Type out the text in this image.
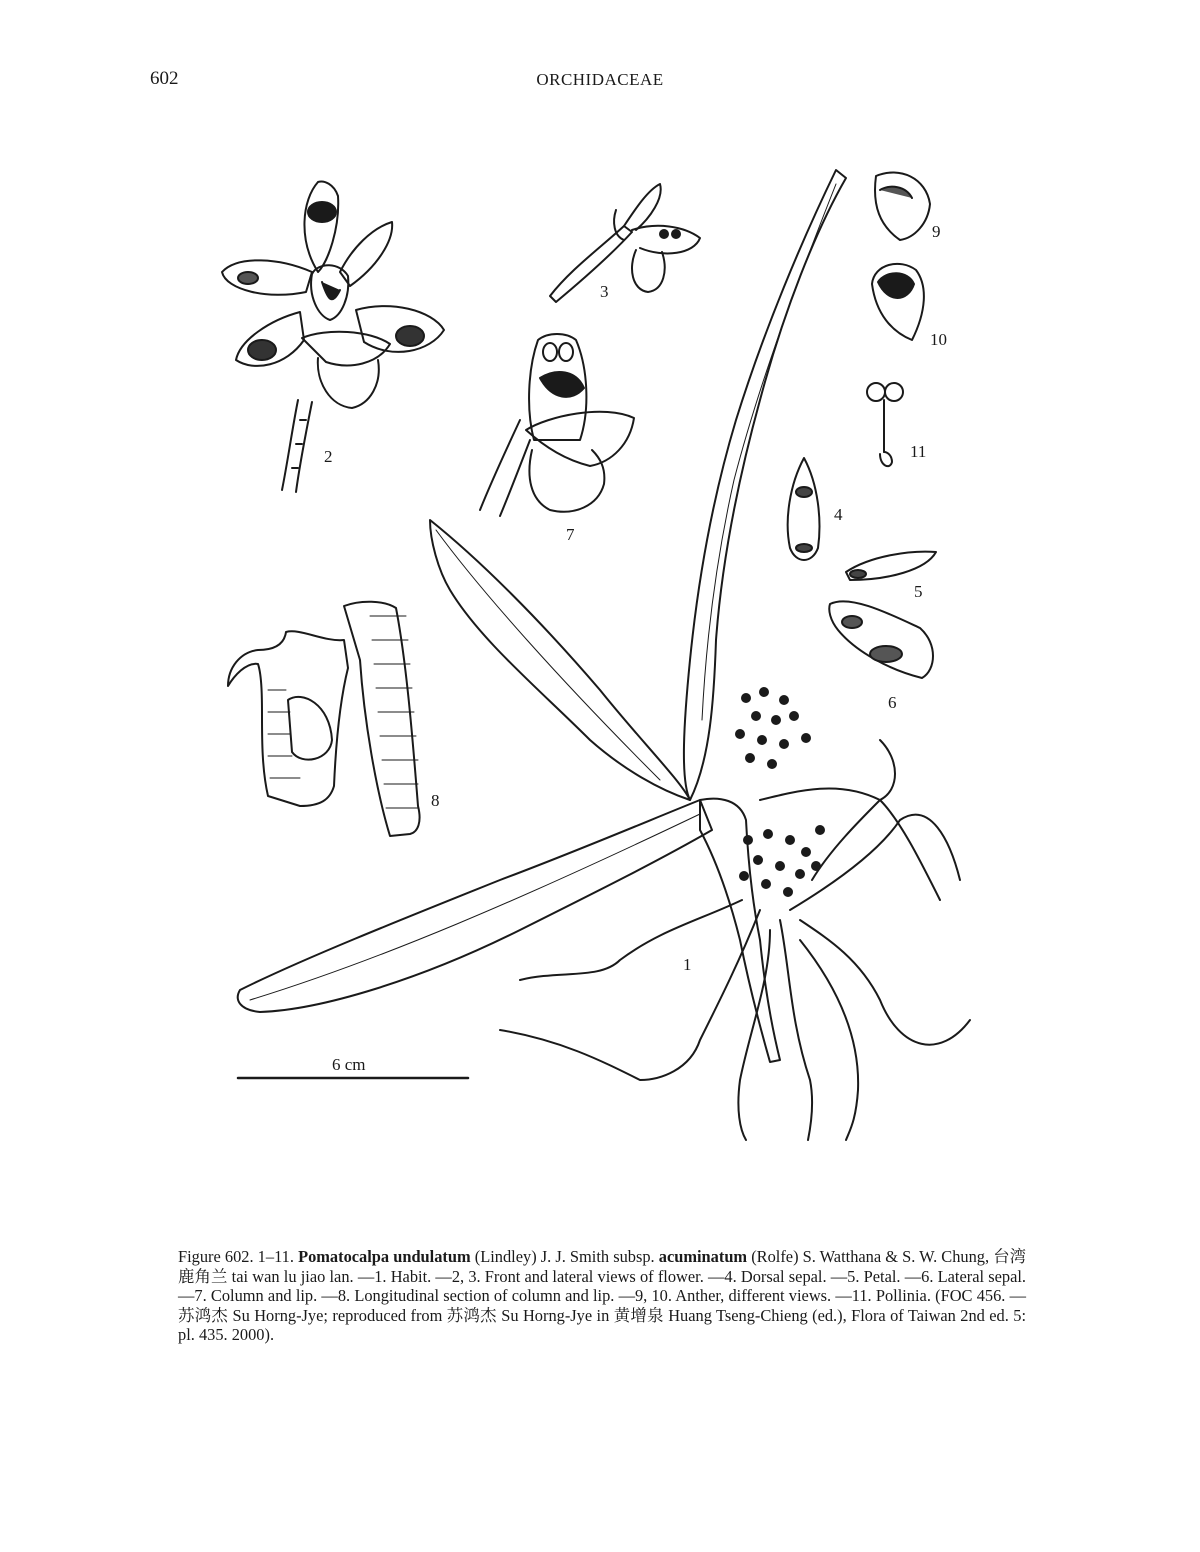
602	ORCHIDACEAE
1
2
3
4
5
6
7
8
9
10
11
6 cm
Figure 602. 1–11. Pomatocalpa undulatum (Lindley) J. J. Smith subsp. acuminatum (Rolfe) S. Watthana & S. W. Chung, 台湾鹿角兰 tai wan lu jiao lan. —1. Habit. —2, 3. Front and lateral views of flower. —4. Dorsal sepal. —5. Petal. —6. Lateral sepal. —7. Column and lip. —8. Longitudinal section of column and lip. —9, 10. Anther, different views. —11. Pollinia. (FOC 456. —苏鸿杰 Su Horng-Jye; reproduced from 苏鸿杰 Su Horng-Jye in 黄增泉 Huang Tseng-Chieng (ed.), Flora of Taiwan 2nd ed. 5: pl. 435. 2000).
